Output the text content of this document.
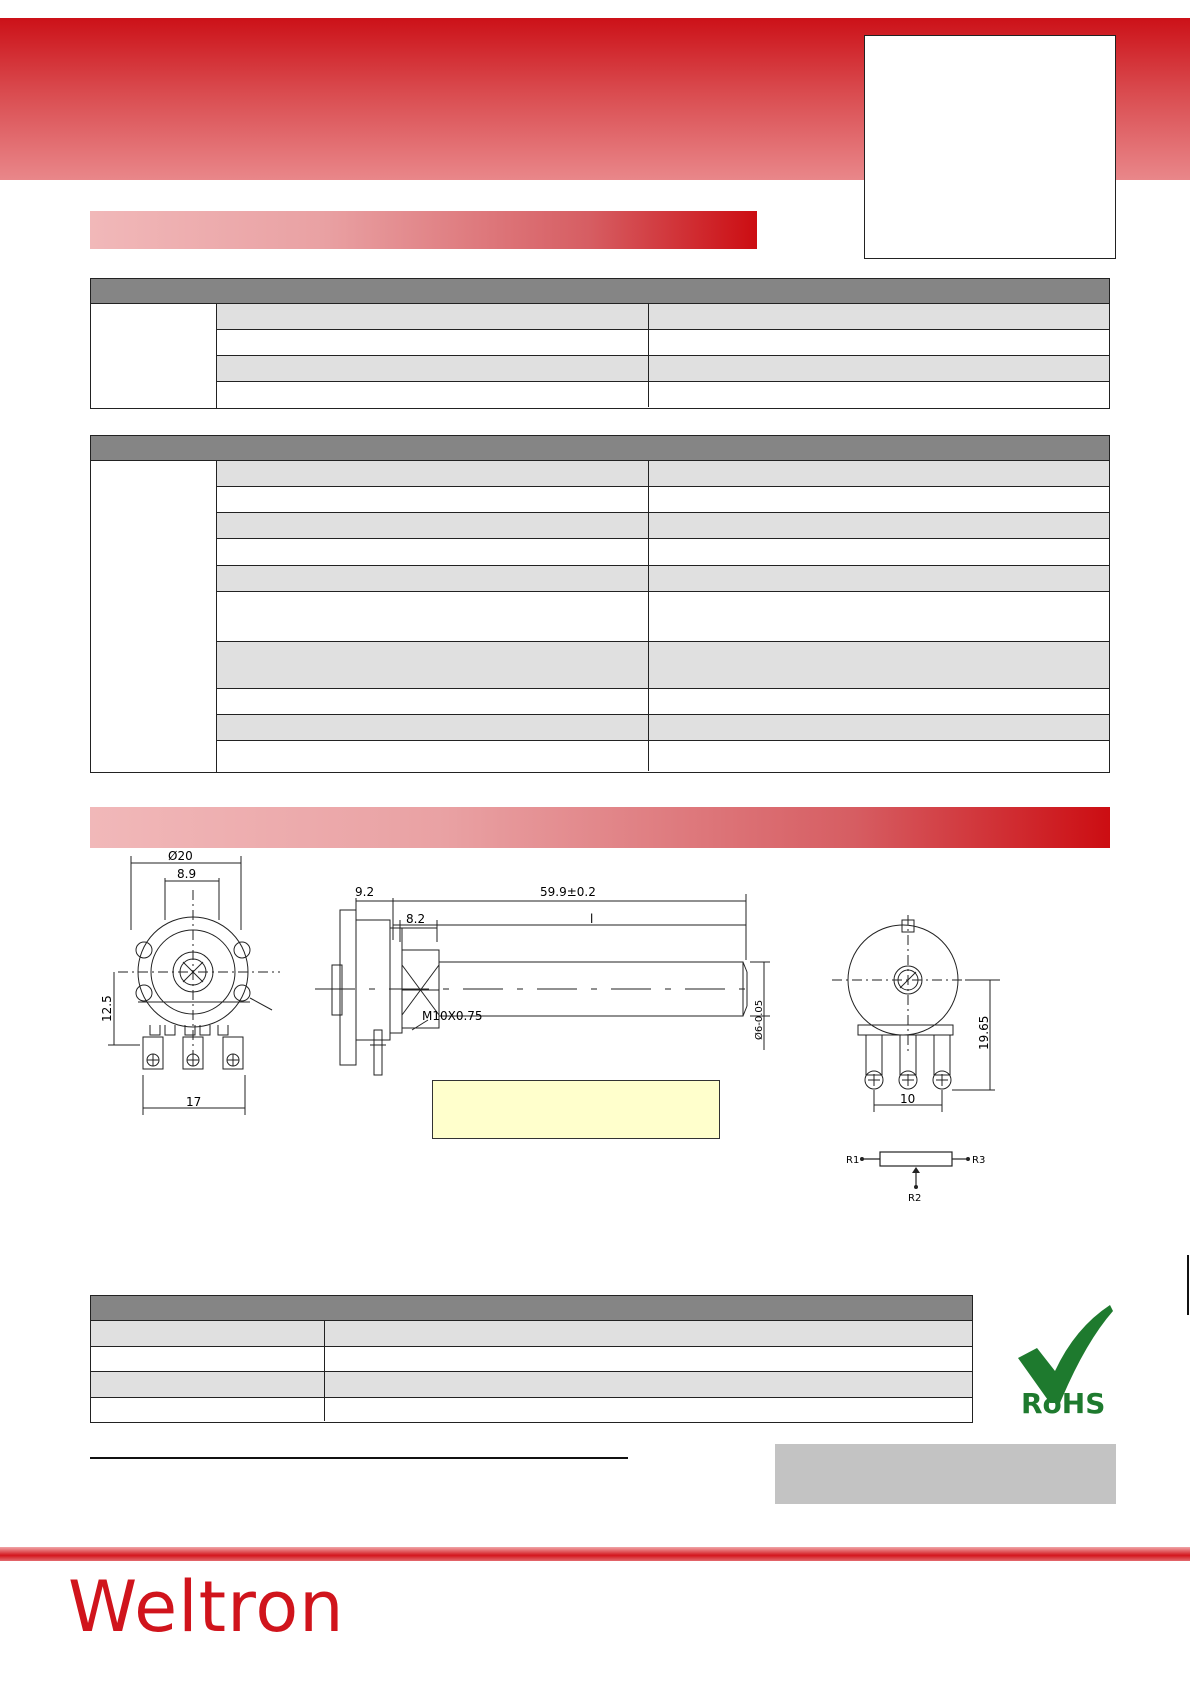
Ø20
8.9
12.5
17
9.2	59.9±0.2
8.2	l
M10X0.75	Ø6-0.05
10
19.65
R1	R3
R2
RoHS
Weltron
